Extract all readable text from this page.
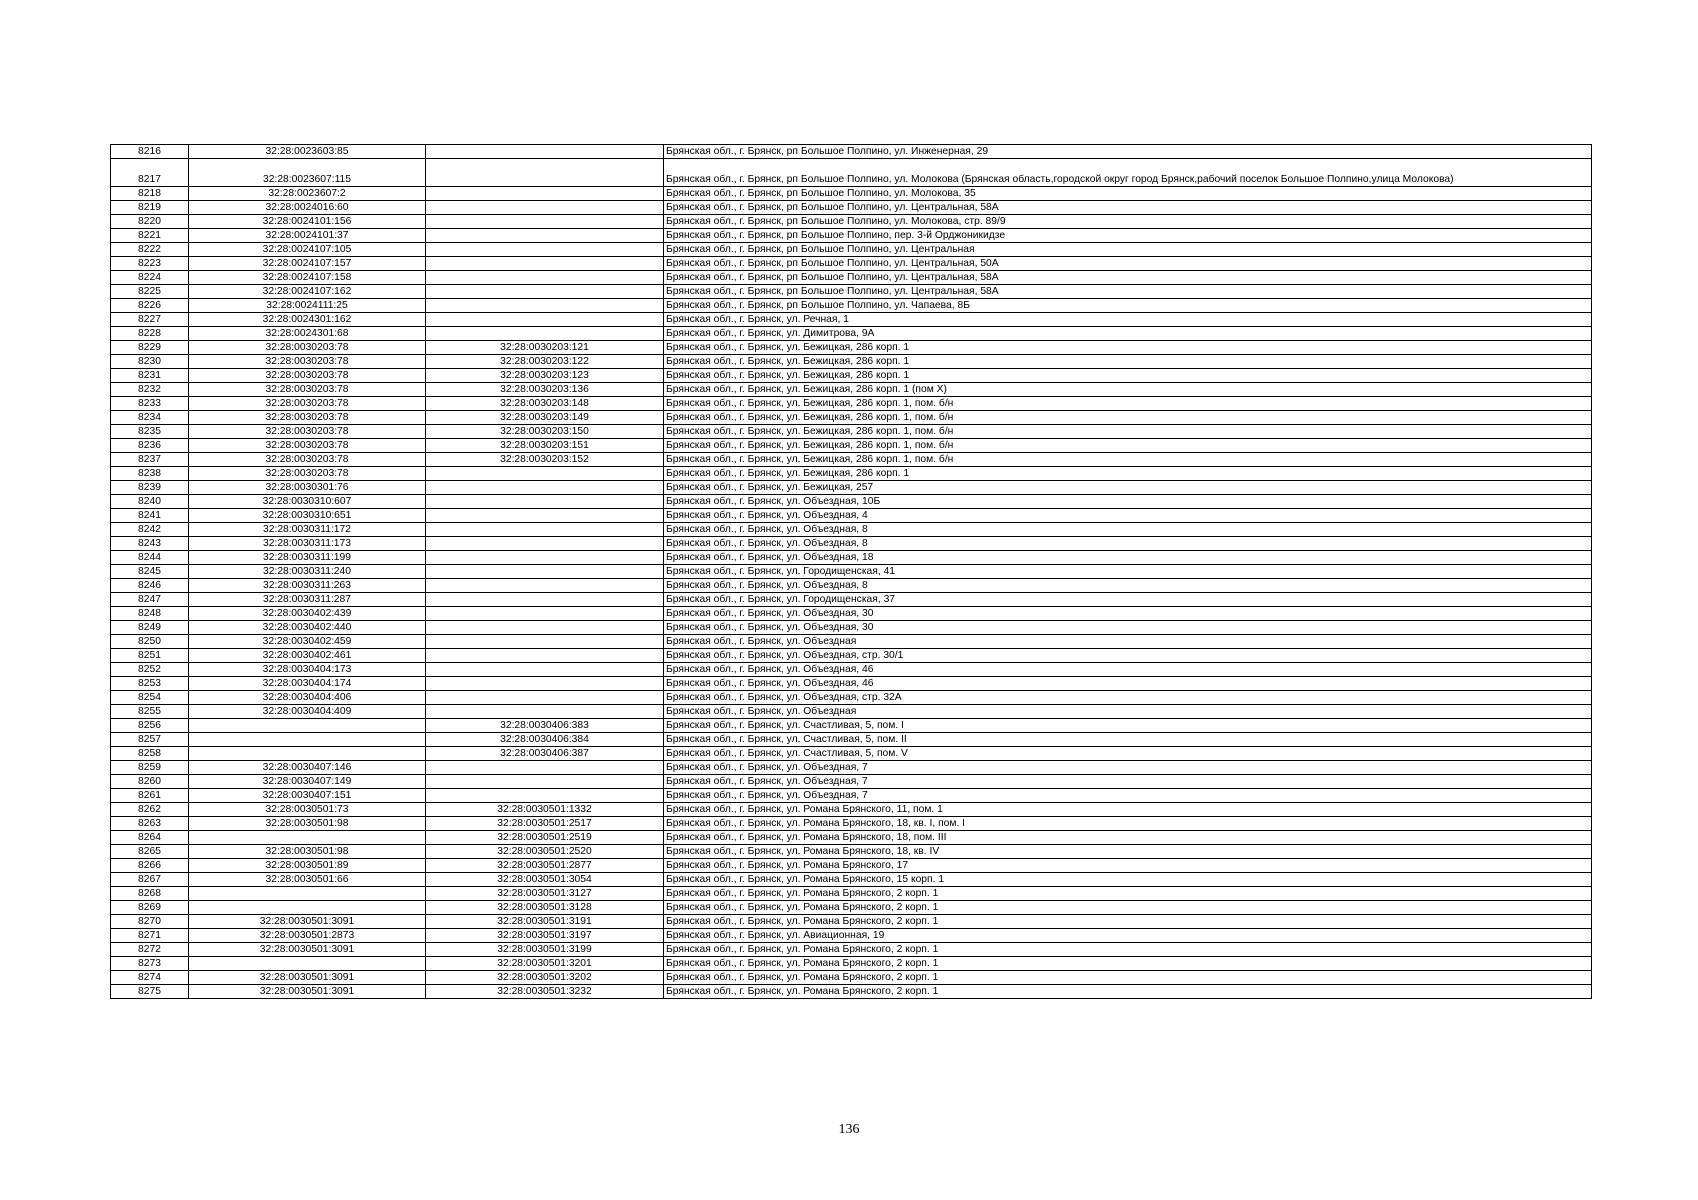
8216	32:28:0023603:85		Брянская обл., г. Брянск, рп Большое Полпино, ул. Инженерная, 29
8217	32:28:0023607:115		Брянская обл., г. Брянск, рп Большое Полпино, ул. Молокова (Брянская область,городской округ город Брянск,рабочий поселок Большое Полпино,улица Молокова)
8218	32:28:0023607:2		Брянская обл., г. Брянск, рп Большое Полпино, ул. Молокова, 35
8219	32:28:0024016:60		Брянская обл., г. Брянск, рп Большое Полпино, ул. Центральная, 58А
8220	32:28:0024101:156		Брянская обл., г. Брянск, рп Большое Полпино, ул. Молокова, стр. 89/9
8221	32:28:0024101:37		Брянская обл., г. Брянск, рп Большое Полпино, пер. 3-й Орджоникидзе
8222	32:28:0024107:105		Брянская обл., г. Брянск, рп Большое Полпино, ул. Центральная
8223	32:28:0024107:157		Брянская обл., г. Брянск, рп Большое Полпино, ул. Центральная, 50А
8224	32:28:0024107:158		Брянская обл., г. Брянск, рп Большое Полпино, ул. Центральная, 58А
8225	32:28:0024107:162		Брянская обл., г. Брянск, рп Большое Полпино, ул. Центральная, 58А
8226	32:28:0024111:25		Брянская обл., г. Брянск, рп Большое Полпино, ул. Чапаева, 8Б
8227	32:28:0024301:162		Брянская обл., г. Брянск, ул. Речная, 1
8228	32:28:0024301:68		Брянская обл., г. Брянск, ул. Димитрова, 9А
8229	32:28:0030203:78	32:28:0030203:121	Брянская обл., г. Брянск, ул. Бежицкая, 286 корп. 1
8230	32:28:0030203:78	32:28:0030203:122	Брянская обл., г. Брянск, ул. Бежицкая, 286 корп. 1
8231	32:28:0030203:78	32:28:0030203:123	Брянская обл., г. Брянск, ул. Бежицкая, 286 корп. 1
8232	32:28:0030203:78	32:28:0030203:136	Брянская обл., г. Брянск, ул. Бежицкая, 286 корп. 1 (пом Х)
8233	32:28:0030203:78	32:28:0030203:148	Брянская обл., г. Брянск, ул. Бежицкая, 286 корп. 1, пом. б/н
8234	32:28:0030203:78	32:28:0030203:149	Брянская обл., г. Брянск, ул. Бежицкая, 286 корп. 1, пом. б/н
8235	32:28:0030203:78	32:28:0030203:150	Брянская обл., г. Брянск, ул. Бежицкая, 286 корп. 1, пом. б/н
8236	32:28:0030203:78	32:28:0030203:151	Брянская обл., г. Брянск, ул. Бежицкая, 286 корп. 1, пом. б/н
8237	32:28:0030203:78	32:28:0030203:152	Брянская обл., г. Брянск, ул. Бежицкая, 286 корп. 1, пом. б/н
8238	32:28:0030203:78		Брянская обл., г. Брянск, ул. Бежицкая, 286 корп. 1
8239	32:28:0030301:76		Брянская обл., г. Брянск, ул. Бежицкая, 257
8240	32:28:0030310:607		Брянская обл., г. Брянск, ул. Объездная, 10Б
8241	32:28:0030310:651		Брянская обл., г. Брянск, ул. Объездная, 4
8242	32:28:0030311:172		Брянская обл., г. Брянск, ул. Объездная, 8
8243	32:28:0030311:173		Брянская обл., г. Брянск, ул. Объездная, 8
8244	32:28:0030311:199		Брянская обл., г. Брянск, ул. Объездная, 18
8245	32:28:0030311:240		Брянская обл., г. Брянск, ул. Городищенская, 41
8246	32:28:0030311:263		Брянская обл., г. Брянск, ул. Объездная, 8
8247	32:28:0030311:287		Брянская обл., г. Брянск, ул. Городищенская, 37
8248	32:28:0030402:439		Брянская обл., г. Брянск, ул. Объездная, 30
8249	32:28:0030402:440		Брянская обл., г. Брянск, ул. Объездная, 30
8250	32:28:0030402:459		Брянская обл., г. Брянск, ул. Объездная
8251	32:28:0030402:461		Брянская обл., г. Брянск, ул. Объездная, стр. 30/1
8252	32:28:0030404:173		Брянская обл., г. Брянск, ул. Объездная, 46
8253	32:28:0030404:174		Брянская обл., г. Брянск, ул. Объездная, 46
8254	32:28:0030404:406		Брянская обл., г. Брянск, ул. Объездная, стр. 32А
8255	32:28:0030404:409		Брянская обл., г. Брянск, ул. Объездная
8256		32:28:0030406:383	Брянская обл., г. Брянск, ул. Счастливая, 5, пом. I
8257		32:28:0030406:384	Брянская обл., г. Брянск, ул. Счастливая, 5, пом. II
8258		32:28:0030406:387	Брянская обл., г. Брянск, ул. Счастливая, 5, пом. V
8259	32:28:0030407:146		Брянская обл., г. Брянск, ул. Объездная, 7
8260	32:28:0030407:149		Брянская обл., г. Брянск, ул. Объездная, 7
8261	32:28:0030407:151		Брянская обл., г. Брянск, ул. Объездная, 7
8262	32:28:0030501:73	32:28:0030501:1332	Брянская обл., г. Брянск, ул. Романа Брянского, 11, пом. 1
8263	32:28:0030501:98	32:28:0030501:2517	Брянская обл., г. Брянск, ул. Романа Брянского, 18, кв. I, пом. I
8264		32:28:0030501:2519	Брянская обл., г. Брянск, ул. Романа Брянского, 18, пом. III
8265	32:28:0030501:98	32:28:0030501:2520	Брянская обл., г. Брянск, ул. Романа Брянского, 18, кв. IV
8266	32:28:0030501:89	32:28:0030501:2877	Брянская обл., г. Брянск, ул. Романа Брянского, 17
8267	32:28:0030501:66	32:28:0030501:3054	Брянская обл., г. Брянск, ул. Романа Брянского, 15 корп. 1
8268		32:28:0030501:3127	Брянская обл., г. Брянск, ул. Романа Брянского, 2 корп. 1
8269		32:28:0030501:3128	Брянская обл., г. Брянск, ул. Романа Брянского, 2 корп. 1
8270	32:28:0030501:3091	32:28:0030501:3191	Брянская обл., г. Брянск, ул. Романа Брянского, 2 корп. 1
8271	32:28:0030501:2873	32:28:0030501:3197	Брянская обл., г. Брянск, ул. Авиационная, 19
8272	32:28:0030501:3091	32:28:0030501:3199	Брянская обл., г. Брянск, ул. Романа Брянского, 2 корп. 1
8273		32:28:0030501:3201	Брянская обл., г. Брянск, ул. Романа Брянского, 2 корп. 1
8274	32:28:0030501:3091	32:28:0030501:3202	Брянская обл., г. Брянск, ул. Романа Брянского, 2 корп. 1
8275	32:28:0030501:3091	32:28:0030501:3232	Брянская обл., г. Брянск, ул. Романа Брянского, 2 корп. 1
136
